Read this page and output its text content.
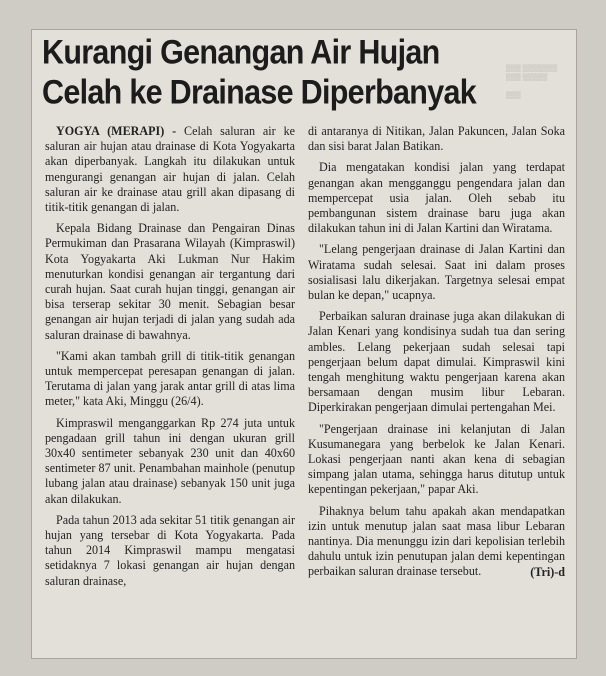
▒▒▒ ▒▒▒▒▒▒▒
▒▒▒ ▒▒▒▒▒

▒▒▒
Kurangi Genangan Air Hujan
Celah ke Drainase Diperbanyak

YOGYA (MERAPI) - Celah saluran air ke saluran air hujan atau drainase di Kota Yogyakarta akan diperbanyak. Langkah itu dilakukan untuk mengurangi genangan air hujan di jalan. Celah saluran air ke drainase atau grill akan dipasang di titik-titik genangan di jalan.

Kepala Bidang Drainase dan Pengairan Dinas Permukiman dan Prasarana Wilayah (Kimpraswil) Kota Yogyakarta Aki Lukman Nur Hakim menuturkan kondisi genangan air tergantung dari curah hujan. Saat curah hujan tinggi, genangan air bisa terserap sekitar 30 menit. Sebagian besar genangan air hujan terjadi di jalan yang sudah ada saluran drainase di bawahnya.

"Kami akan tambah grill di titik-titik genangan untuk mempercepat peresapan genangan di jalan. Terutama di jalan yang jarak antar grill di atas lima meter," kata Aki, Minggu (26/4).

Kimpraswil menganggarkan Rp 274 juta untuk pengadaan grill tahun ini dengan ukuran grill 30x40 sentimeter sebanyak 230 unit dan 40x60 sentimeter 87 unit. Penambahan mainhole (penutup lubang jalan atau drainase) sebanyak 150 unit juga akan dilakukan.

Pada tahun 2013 ada sekitar 51 titik genangan air hujan yang tersebar di Kota Yogyakarta. Pada tahun 2014 Kimpraswil mampu mengatasi setidaknya 7 lokasi genangan air hujan dengan saluran drainase,

di antaranya di Nitikan, Jalan Pakuncen, Jalan Soka dan sisi barat Jalan Batikan.

Dia mengatakan kondisi jalan yang terdapat genangan akan mengganggu pengendara jalan dan mempercepat usia jalan. Oleh sebab itu pembangunan sistem drainase baru juga akan dilakukan tahun ini di Jalan Kartini dan Wiratama.

"Lelang pengerjaan drainase di Jalan Kartini dan Wiratama sudah selesai. Saat ini dalam proses sosialisasi lalu dikerjakan. Targetnya selesai empat bulan ke depan," ucapnya.

Perbaikan saluran drainase juga akan dilakukan di Jalan Kenari yang kondisinya sudah tua dan sering ambles. Lelang pekerjaan sudah selesai tapi pengerjaan belum dapat dimulai. Kimpraswil kini tengah menghitung waktu pengerjaan karena akan bersamaan dengan musim libur Lebaran. Diperkirakan pengerjaan dimulai pertengahan Mei.

"Pengerjaan drainase ini kelanjutan di Jalan Kusumanegara yang berbelok ke Jalan Kenari. Lokasi pengerjaan nanti akan kena di sebagian simpang jalan utama, sehingga harus ditutup untuk kepentingan pekerjaan," papar Aki.

Pihaknya belum tahu apakah akan mendapatkan izin untuk menutup jalan saat masa libur Lebaran nantinya. Dia menunggu izin dari kepolisian terlebih dahulu untuk izin penutupan jalan demi kepentingan perbaikan saluran drainase tersebut.	(Tri)-d
